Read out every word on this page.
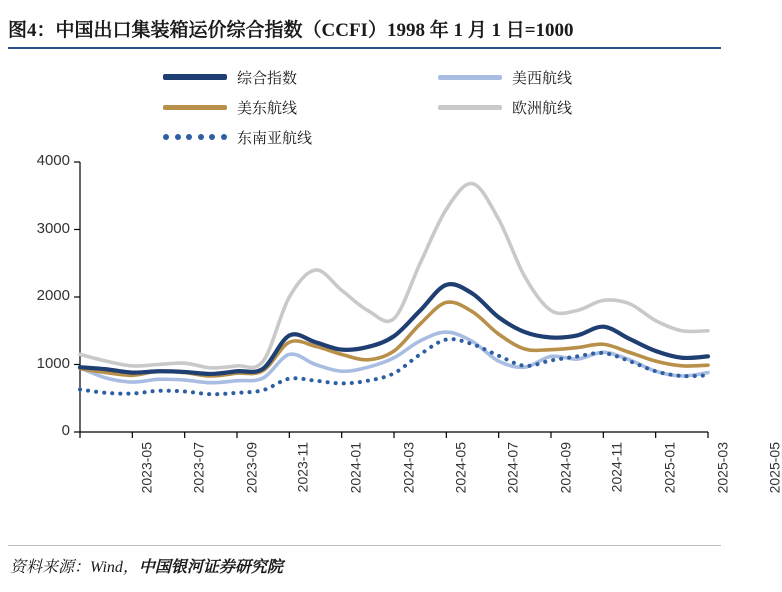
图4：中国出口集装箱运价综合指数（CCFI）1998 年 1 月 1 日=1000
综合指数	美西航线
美东航线	欧洲航线
东南亚航线
0
1000
2000
3000
4000
2023-05	2023-07	2023-09	2023-11	2024-01	2024-03	2024-05	2024-07	2024-09	2024-11	2025-01	2025-03	2025-05
资料来源：Wind，中国银河证券研究院
